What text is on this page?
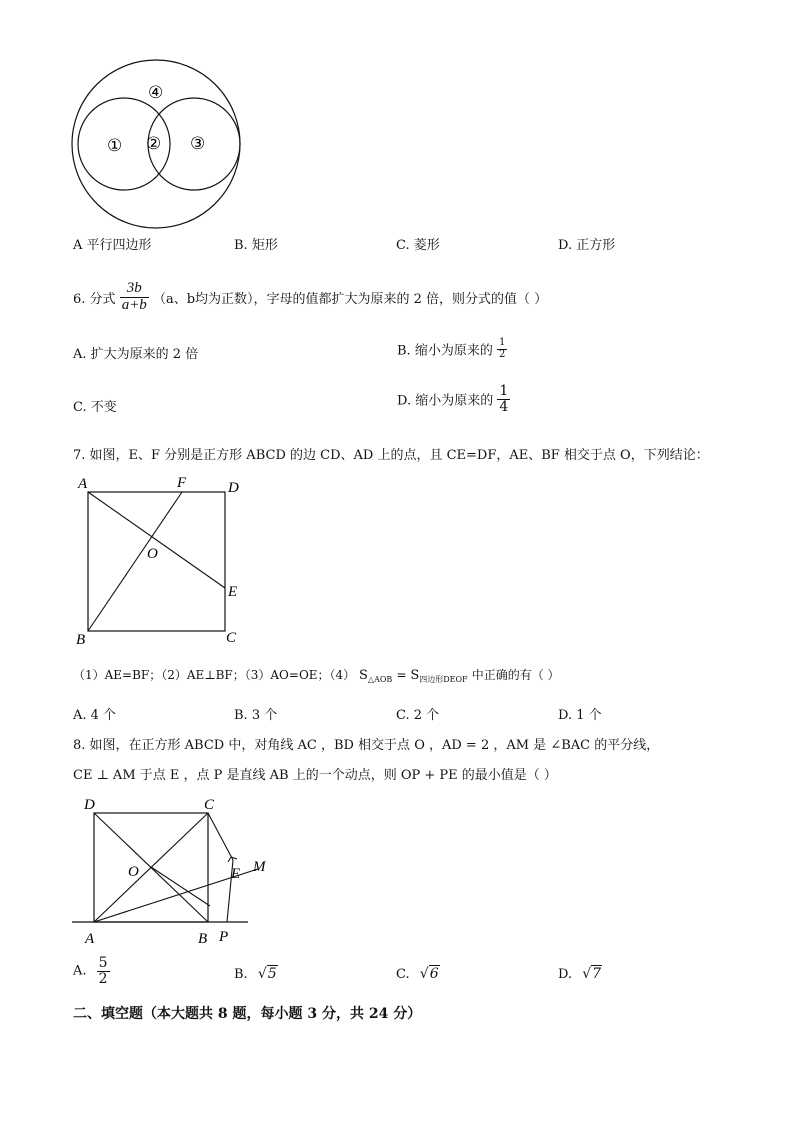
① ② ③
④
A 平行四边形	B. 矩形	C. 菱形	D. 正方形
6. 分式 $\frac{3b}{a+b} (a$、b均为正数），字母的值都扩大为原来的 2 倍，则分式的值（ ）
A. 扩大为原来的 2 倍	B. 缩小为原来的 $\frac{1}{2}$
C. 不变	D. 缩小为原来的 $\frac{1}{4}$
7. 如图，E、F 分别是正方形 ABCD 的边 CD、AD 上的点，且 CE=DF，AE、BF 相交于点 O，下列结论：
A	F	D
O
E
B	C
（1）AE=BF；（2）AE⊥BF；（3）AO=OE；（4） $S_{\triangle AOB} = S_{四边形DEOF}$ 中正确的有（ ）
A. 4 个	B. 3 个	C. 2 个	D. 1 个
8. 如图，在正方形 ABCD 中，对角线 AC ，BD 相交于点 O ，AD = 2 ，AM 是 ∠BAC 的平分线，
CE ⊥ AM 于点 E ，点 P 是直线 AB 上的一个动点，则 OP + PE 的最小值是（ ）
D	C
O	M
E
A	B P
A. $\frac{5}{2}$	B. √5	C. √6	D. √7
二、填空题（本大题共 8 题，每小题 3 分，共 24 分）
